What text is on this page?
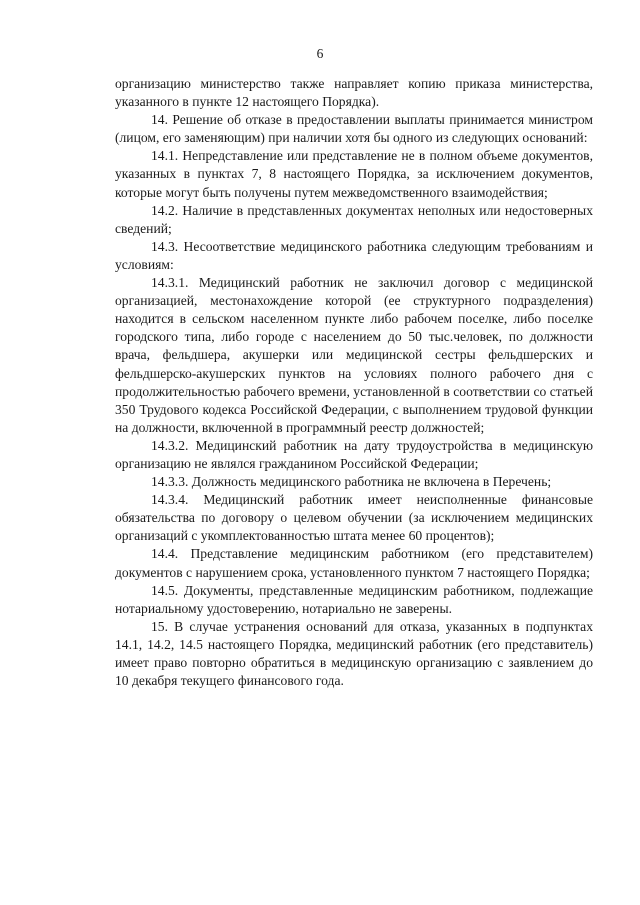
6

организацию министерство также направляет копию приказа министерства, указанного в пункте 12 настоящего Порядка).

14. Решение об отказе в предоставлении выплаты принимается министром (лицом, его заменяющим) при наличии хотя бы одного из следующих оснований:

14.1. Непредставление или представление не в полном объеме документов, указанных в пунктах 7, 8 настоящего Порядка, за исключением документов, которые могут быть получены путем межведомственного взаимодействия;

14.2. Наличие в представленных документах неполных или недостоверных сведений;

14.3. Несоответствие медицинского работника следующим требованиям и условиям:

14.3.1. Медицинский работник не заключил договор с медицинской организацией, местонахождение которой (ее структурного подразделения) находится в сельском населенном пункте либо рабочем поселке, либо поселке городского типа, либо городе с населением до 50 тыс.человек, по должности врача, фельдшера, акушерки или медицинской сестры фельдшерских и фельдшерско-акушерских пунктов на условиях полного рабочего дня с продолжительностью рабочего времени, установленной в соответствии со статьей 350 Трудового кодекса Российской Федерации, с выполнением трудовой функции на должности, включенной в программный реестр должностей;

14.3.2. Медицинский работник на дату трудоустройства в медицинскую организацию не являлся гражданином Российской Федерации;

14.3.3. Должность медицинского работника не включена в Перечень;

14.3.4. Медицинский работник имеет неисполненные финансовые обязательства по договору о целевом обучении (за исключением медицинских организаций с укомплектованностью штата менее 60 процентов);

14.4. Представление медицинским работником (его представителем) документов с нарушением срока, установленного пунктом 7 настоящего Порядка;

14.5. Документы, представленные медицинским работником, подлежащие нотариальному удостоверению, нотариально не заверены.

15. В случае устранения оснований для отказа, указанных в подпунктах 14.1, 14.2, 14.5 настоящего Порядка, медицинский работник (его представитель) имеет право повторно обратиться в медицинскую организацию с заявлением до 10 декабря текущего финансового года.
